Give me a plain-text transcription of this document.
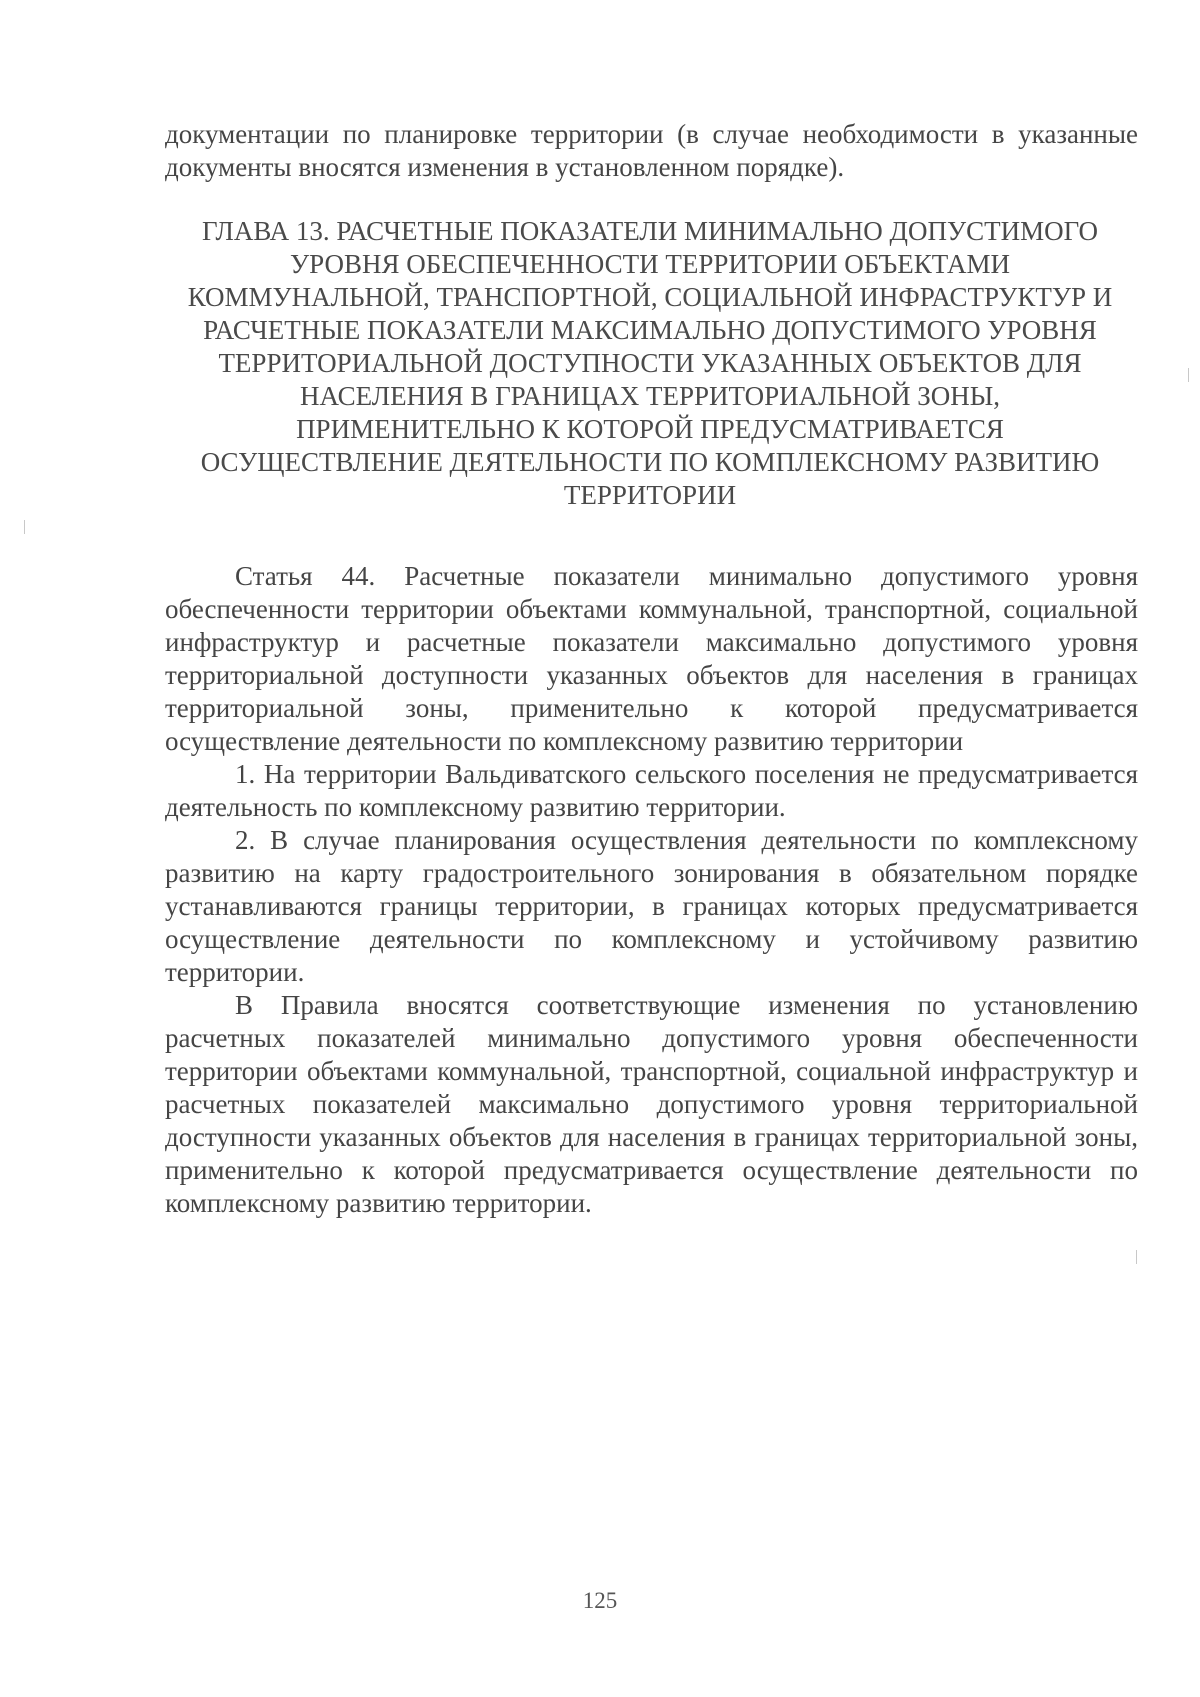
документации по планировке территории (в случае необходимости в указанные документы вносятся изменения в установленном порядке).

ГЛАВА 13. РАСЧЕТНЫЕ ПОКАЗАТЕЛИ МИНИМАЛЬНО ДОПУСТИМОГО
УРОВНЯ ОБЕСПЕЧЕННОСТИ ТЕРРИТОРИИ ОБЪЕКТАМИ
КОММУНАЛЬНОЙ, ТРАНСПОРТНОЙ, СОЦИАЛЬНОЙ ИНФРАСТРУКТУР И
РАСЧЕТНЫЕ ПОКАЗАТЕЛИ МАКСИМАЛЬНО ДОПУСТИМОГО УРОВНЯ
ТЕРРИТОРИАЛЬНОЙ ДОСТУПНОСТИ УКАЗАННЫХ ОБЪЕКТОВ ДЛЯ
НАСЕЛЕНИЯ В ГРАНИЦАХ ТЕРРИТОРИАЛЬНОЙ ЗОНЫ,
ПРИМЕНИТЕЛЬНО К КОТОРОЙ ПРЕДУСМАТРИВАЕТСЯ
ОСУЩЕСТВЛЕНИЕ ДЕЯТЕЛЬНОСТИ ПО КОМПЛЕКСНОМУ РАЗВИТИЮ
ТЕРРИТОРИИ

Статья 44. Расчетные показатели минимально допустимого уровня обеспеченности территории объектами коммунальной, транспортной, социальной инфраструктур и расчетные показатели максимально допустимого уровня территориальной доступности указанных объектов для населения в границах территориальной зоны, применительно к которой предусматривается осуществление деятельности по комплексному развитию территории

1. На территории Вальдиватского сельского поселения не предусматривается деятельность по комплексному развитию территории.

2. В случае планирования осуществления деятельности по комплексному развитию на карту градостроительного зонирования в обязательном порядке устанавливаются границы территории, в границах которых предусматривается осуществление деятельности по комплексному и устойчивому развитию территории.

В Правила вносятся соответствующие изменения по установлению расчетных показателей минимально допустимого уровня обеспеченности территории объектами коммунальной, транспортной, социальной инфраструктур и расчетных показателей максимально допустимого уровня территориальной доступности указанных объектов для населения в границах территориальной зоны, применительно к которой предусматривается осуществление деятельности по комплексному развитию территории.

125
